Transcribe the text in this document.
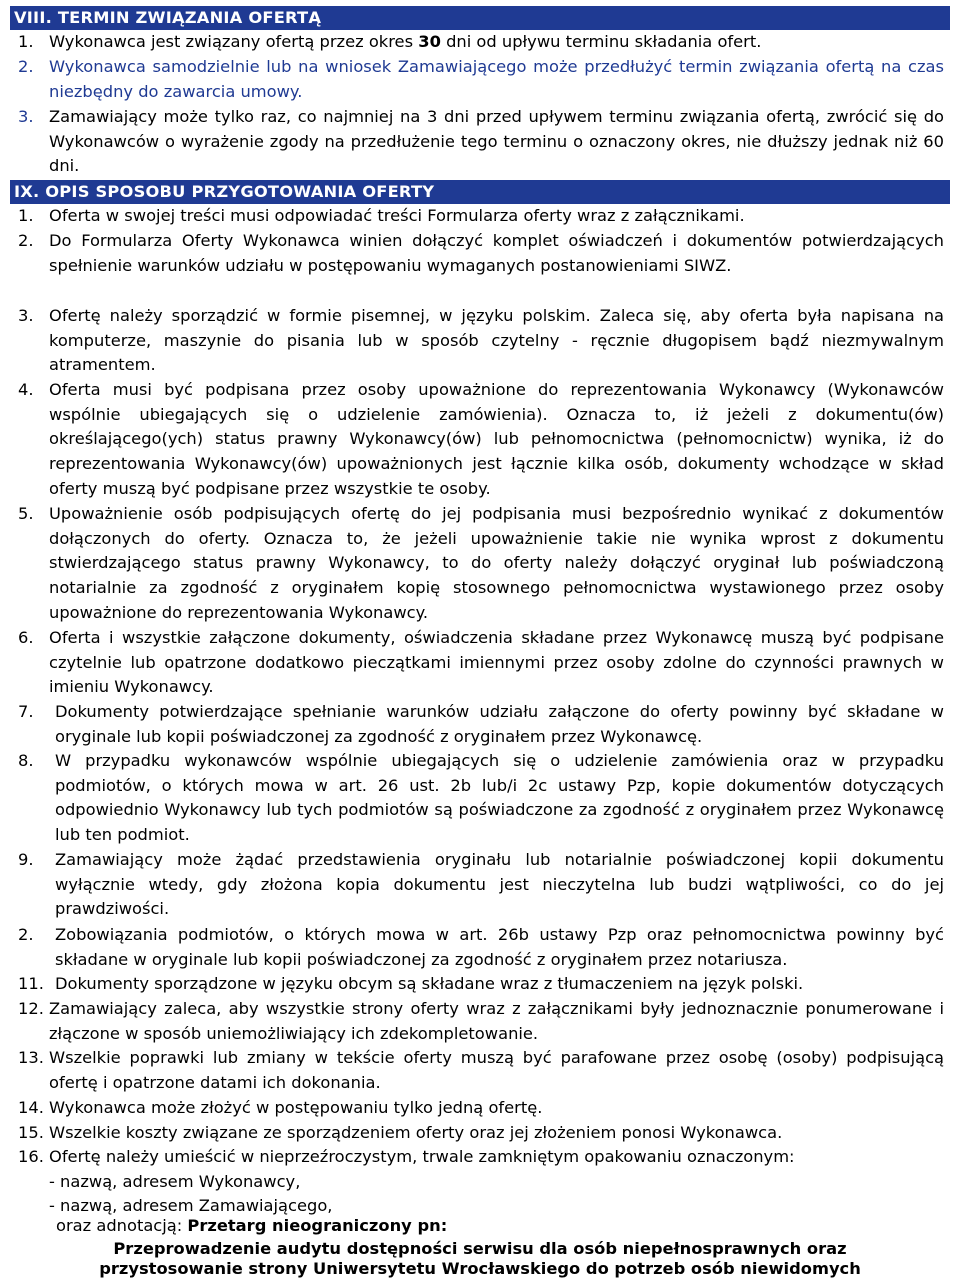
VIII. TERMIN ZWIĄZANIA OFERTĄ
1. Wykonawca jest związany ofertą przez okres 30 dni od upływu terminu składania ofert.
2. Wykonawca samodzielnie lub na wniosek Zamawiającego może przedłużyć termin związania ofertą na czas niezbędny do zawarcia umowy.
3. Zamawiający może tylko raz, co najmniej na 3 dni przed upływem terminu związania ofertą, zwrócić się do Wykonawców o wyrażenie zgody na przedłużenie tego terminu o oznaczony okres, nie dłuższy jednak niż 60 dni.
IX. OPIS SPOSOBU PRZYGOTOWANIA OFERTY
1. Oferta w swojej treści musi odpowiadać treści Formularza oferty wraz z załącznikami.
2. Do Formularza Oferty Wykonawca winien dołączyć komplet oświadczeń i dokumentów potwierdzających spełnienie warunków udziału w postępowaniu wymaganych postanowieniami SIWZ.
3. Ofertę należy sporządzić w formie pisemnej, w języku polskim. Zaleca się, aby oferta była napisana na komputerze, maszynie do pisania lub w sposób czytelny - ręcznie długopisem bądź niezmywalnym atramentem.
4. Oferta musi być podpisana przez osoby upoważnione do reprezentowania Wykonawcy (Wykonawców wspólnie ubiegających się o udzielenie zamówienia). Oznacza to, iż jeżeli z dokumentu(ów) określającego(ych) status prawny Wykonawcy(ów) lub pełnomocnictwa (pełnomocnictw) wynika, iż do reprezentowania Wykonawcy(ów) upoważnionych jest łącznie kilka osób, dokumenty wchodzące w skład oferty muszą być podpisane przez wszystkie te osoby.
5. Upoważnienie osób podpisujących ofertę do jej podpisania musi bezpośrednio wynikać z dokumentów dołączonych do oferty. Oznacza to, że jeżeli upoważnienie takie nie wynika wprost z dokumentu stwierdzającego status prawny Wykonawcy, to do oferty należy dołączyć oryginał lub poświadczoną notarialnie za zgodność z oryginałem kopię stosownego pełnomocnictwa wystawionego przez osoby upoważnione do reprezentowania Wykonawcy.
6. Oferta i wszystkie załączone dokumenty, oświadczenia składane przez Wykonawcę muszą być podpisane czytelnie lub opatrzone dodatkowo pieczątkami imiennymi przez osoby zdolne do czynności prawnych w imieniu Wykonawcy.
7. Dokumenty potwierdzające spełnianie warunków udziału załączone do oferty powinny być składane w oryginale lub kopii poświadczonej za zgodność z oryginałem przez Wykonawcę.
8. W przypadku wykonawców wspólnie ubiegających się o udzielenie zamówienia oraz w przypadku podmiotów, o których mowa w art. 26 ust. 2b lub/i 2c ustawy Pzp, kopie dokumentów dotyczących odpowiednio Wykonawcy lub tych podmiotów są poświadczone za zgodność z oryginałem przez Wykonawcę lub ten podmiot.
9. Zamawiający może żądać przedstawienia oryginału lub notarialnie poświadczonej kopii dokumentu wyłącznie wtedy, gdy złożona kopia dokumentu jest nieczytelna lub budzi wątpliwości, co do jej prawdziwości.
2. Zobowiązania podmiotów, o których mowa w art. 26b ustawy Pzp oraz pełnomocnictwa powinny być składane w oryginale lub kopii poświadczonej za zgodność z oryginałem przez notariusza.
11. Dokumenty sporządzone w języku obcym są składane wraz z tłumaczeniem na język polski.
12. Zamawiający zaleca, aby wszystkie strony oferty wraz z załącznikami były jednoznacznie ponumerowane i złączone w sposób uniemożliwiający ich zdekompletowanie.
13. Wszelkie poprawki lub zmiany w tekście oferty muszą być parafowane przez osobę (osoby) podpisującą ofertę i opatrzone datami ich dokonania.
14. Wykonawca może złożyć w postępowaniu tylko jedną ofertę.
15. Wszelkie koszty związane ze sporządzeniem oferty oraz jej złożeniem ponosi Wykonawca.
16. Ofertę należy umieścić w nieprzeźroczystym, trwale zamkniętym opakowaniu oznaczonym:
- nazwą, adresem Wykonawcy,
- nazwą, adresem Zamawiającego,
oraz adnotacją: Przetarg nieograniczony pn:
Przeprowadzenie audytu dostępności serwisu dla osób niepełnosprawnych oraz
przystosowanie strony Uniwersytetu Wrocławskiego do potrzeb osób niewidomych
